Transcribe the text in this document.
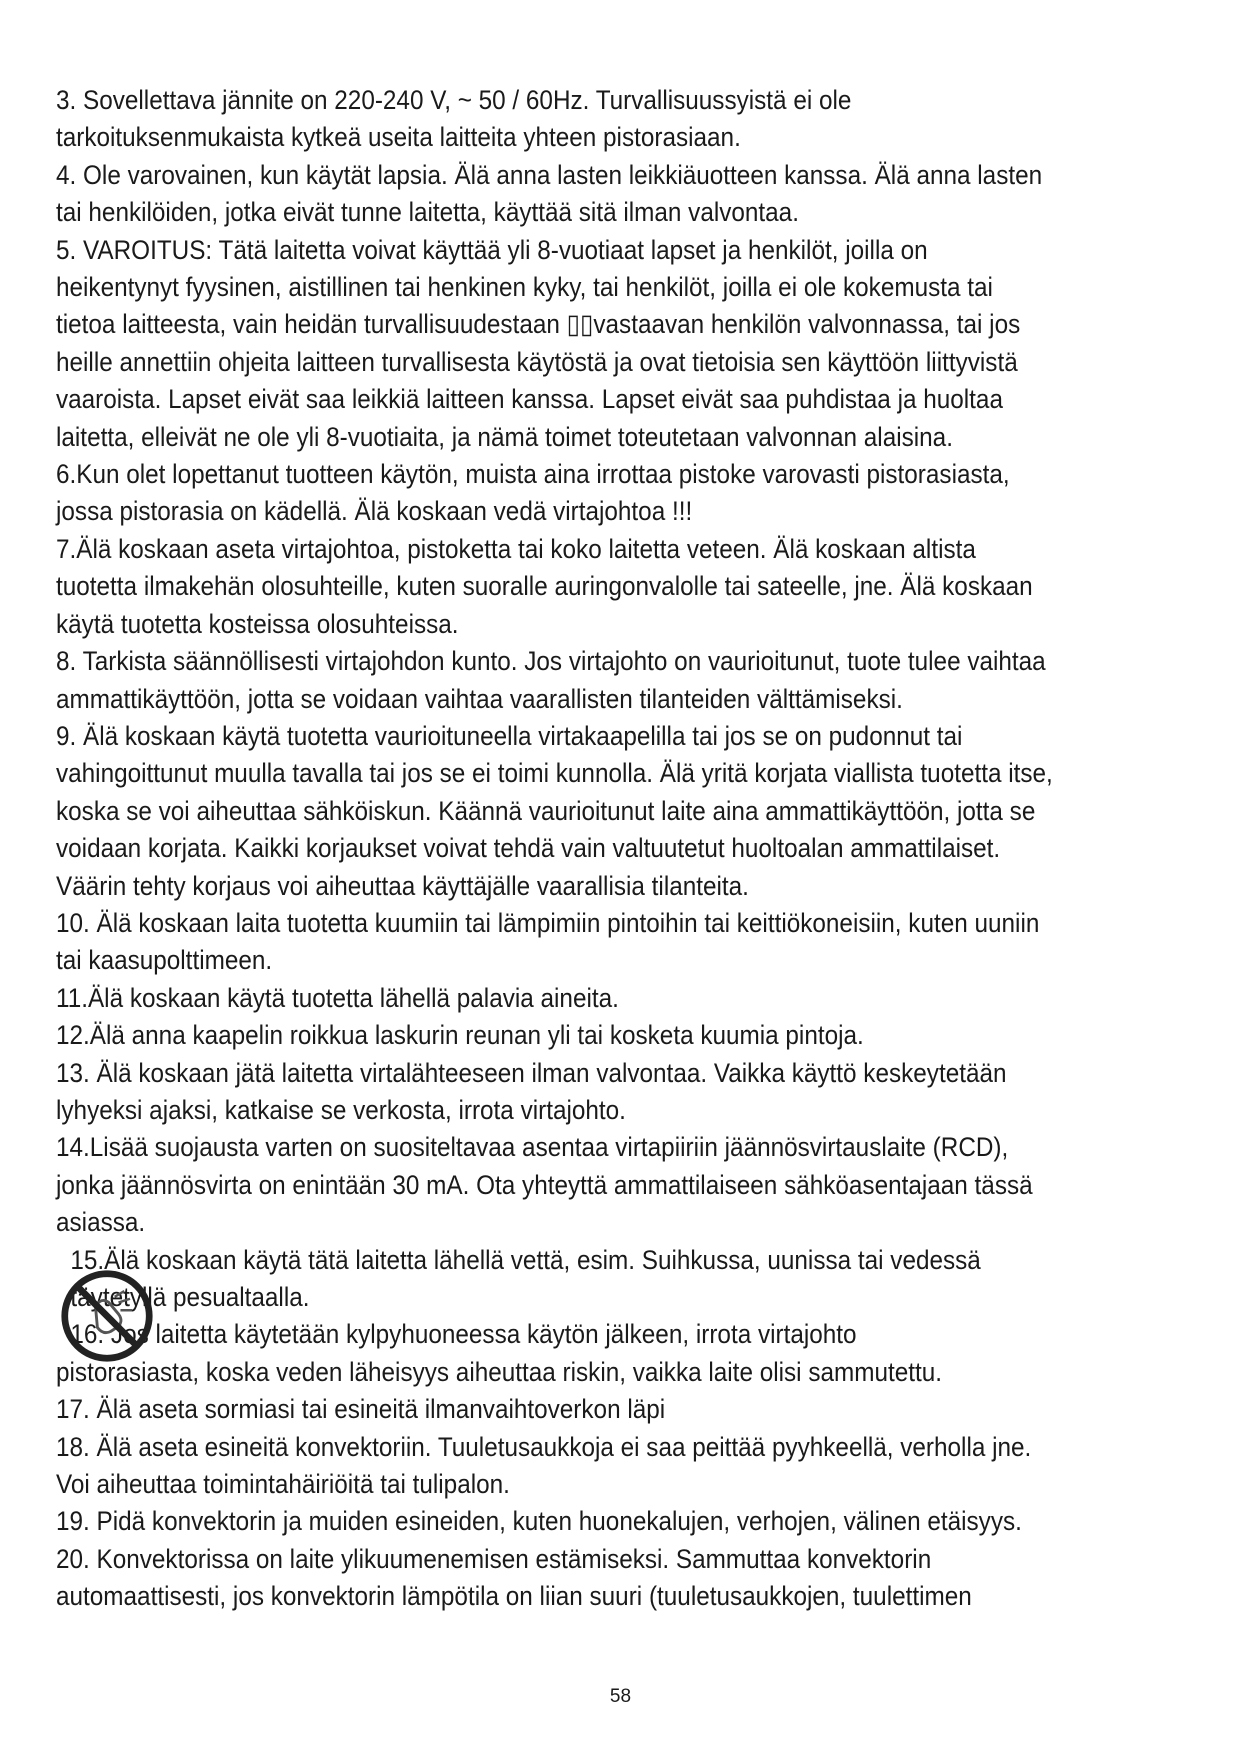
3. Sovellettava jännite on 220-240 V, ~ 50 / 60Hz. Turvallisuussyistä ei ole
tarkoituksenmukaista kytkeä useita laitteita yhteen pistorasiaan.
4. Ole varovainen, kun käytät lapsia. Älä anna lasten leikkiäuotteen kanssa. Älä anna lasten
tai henkilöiden, jotka eivät tunne laitetta, käyttää sitä ilman valvontaa.
5. VAROITUS: Tätä laitetta voivat käyttää yli 8-vuotiaat lapset ja henkilöt, joilla on
heikentynyt fyysinen, aistillinen tai henkinen kyky, tai henkilöt, joilla ei ole kokemusta tai
tietoa laitteesta, vain heidän turvallisuudestaan ▯▯vastaavan henkilön valvonnassa, tai jos
heille annettiin ohjeita laitteen turvallisesta käytöstä ja ovat tietoisia sen käyttöön liittyvistä
vaaroista. Lapset eivät saa leikkiä laitteen kanssa. Lapset eivät saa puhdistaa ja huoltaa
laitetta, elleivät ne ole yli 8-vuotiaita, ja nämä toimet toteutetaan valvonnan alaisina.
6.Kun olet lopettanut tuotteen käytön, muista aina irrottaa pistoke varovasti pistorasiasta,
jossa pistorasia on kädellä. Älä koskaan vedä virtajohtoa !!!
7.Älä koskaan aseta virtajohtoa, pistoketta tai koko laitetta veteen. Älä koskaan altista
tuotetta ilmakehän olosuhteille, kuten suoralle auringonvalolle tai sateelle, jne. Älä koskaan
käytä tuotetta kosteissa olosuhteissa.
8. Tarkista säännöllisesti virtajohdon kunto. Jos virtajohto on vaurioitunut, tuote tulee vaihtaa
ammattikäyttöön, jotta se voidaan vaihtaa vaarallisten tilanteiden välttämiseksi.
9. Älä koskaan käytä tuotetta vaurioituneella virtakaapelilla tai jos se on pudonnut tai
vahingoittunut muulla tavalla tai jos se ei toimi kunnolla. Älä yritä korjata viallista tuotetta itse,
koska se voi aiheuttaa sähköiskun. Käännä vaurioitunut laite aina ammattikäyttöön, jotta se
voidaan korjata. Kaikki korjaukset voivat tehdä vain valtuutetut huoltoalan ammattilaiset.
Väärin tehty korjaus voi aiheuttaa käyttäjälle vaarallisia tilanteita.
10. Älä koskaan laita tuotetta kuumiin tai lämpimiin pintoihin tai keittiökoneisiin, kuten uuniin
tai kaasupolttimeen.
11.Älä koskaan käytä tuotetta lähellä palavia aineita.
12.Älä anna kaapelin roikkua laskurin reunan yli tai kosketa kuumia pintoja.
13. Älä koskaan jätä laitetta virtalähteeseen ilman valvontaa. Vaikka käyttö keskeytetään
lyhyeksi ajaksi, katkaise se verkosta, irrota virtajohto.
14.Lisää suojausta varten on suositeltavaa asentaa virtapiiriin jäännösvirtauslaite (RCD),
jonka jäännösvirta on enintään 30 mA. Ota yhteyttä ammattilaiseen sähköasentajaan tässä
asiassa.
15.Älä koskaan käytä tätä laitetta lähellä vettä, esim. Suihkussa, uunissa tai vedessä
täytetyllä pesualtaalla.
16. Jos laitetta käytetään kylpyhuoneessa käytön jälkeen, irrota virtajohto
pistorasiasta, koska veden läheisyys aiheuttaa riskin, vaikka laite olisi sammutettu.
17. Älä aseta sormiasi tai esineitä ilmanvaihtoverkon läpi
18. Älä aseta esineitä konvektoriin. Tuuletusaukkoja ei saa peittää pyyhkeellä, verholla jne.
Voi aiheuttaa toimintahäiriöitä tai tulipalon.
19. Pidä konvektorin ja muiden esineiden, kuten huonekalujen, verhojen, välinen etäisyys.
20. Konvektorissa on laite ylikuumenemisen estämiseksi. Sammuttaa konvektorin
automaattisesti, jos konvektorin lämpötila on liian suuri (tuuletusaukkojen, tuulettimen
58
